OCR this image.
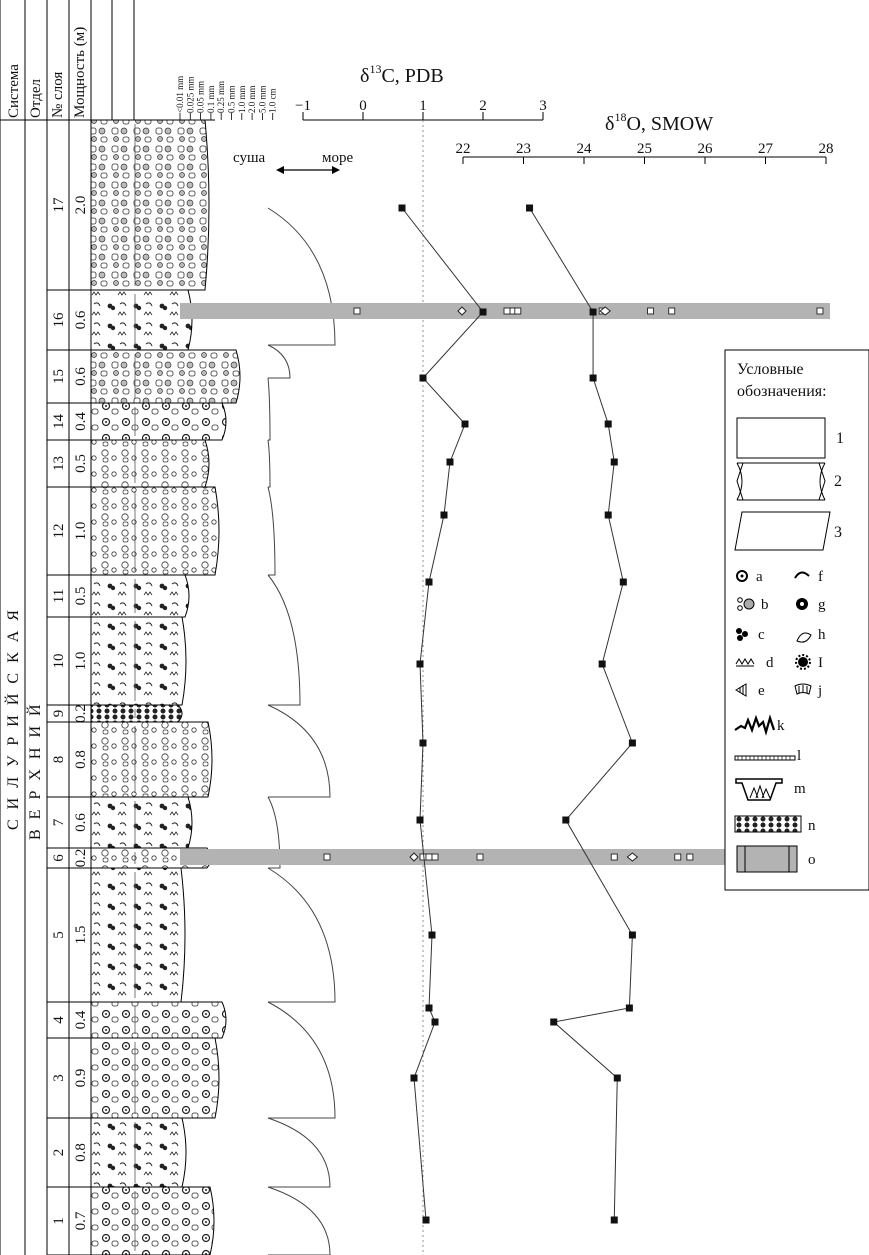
Система Отдел № слоя Мощность (м)	<0.01 mm 0.025 mm 0.05 mm 0.1 mm 0.25 mm 0.5 mm 1.0 mm 2.0 mm 5.0 mm 1.0 cm
17 2.0
16 0.6
15 0.6
14 0.4
13 0.5
12 1.0
11 0.5
10 1.0
9 0.2
8 0.8
7 0.6
6 0.2
5 1.5
4 0.4
3 0.9
2 0.8
1 0.7
С И Л У Р И Й С К А Я В Е Р Х Н И Й
суша	море
$\delta^{13}C$, PDB
$\delta^{18}O$, SMOW
−1	0	1	2	3
22	23	24	25	26	27	28
Условные
обозначения:
1
2
3
a	f
b	g
c	h
d	I
e	j
k
l
m
n
o
